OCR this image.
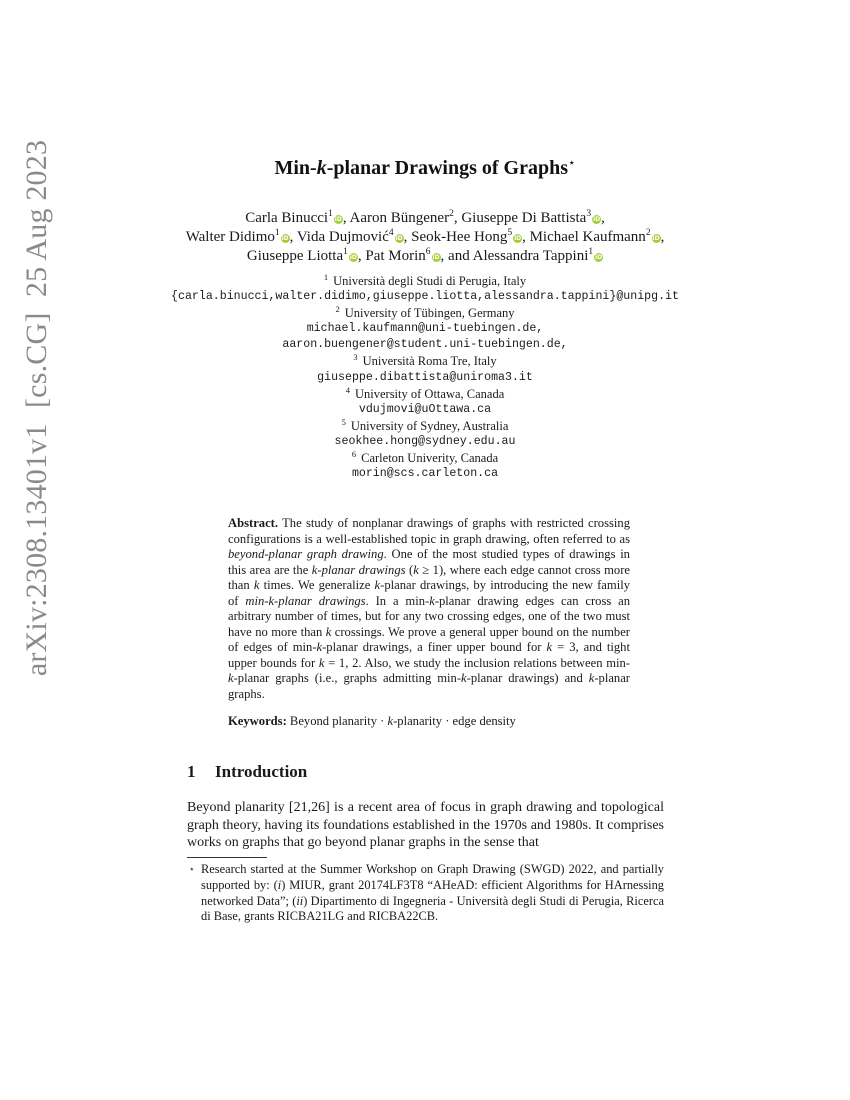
arXiv:2308.13401v1  [cs.CG]  25 Aug 2023	Min-k-planar Drawings of Graphs⋆
Carla Binucci$^1$iD, Aaron Büngener$^2$, Giuseppe Di Battista$^3$iD,
Walter Didimo$^1$iD, Vida Dujmović$^4$iD, Seok-Hee Hong$^5$iD, Michael Kaufmann$^2$iD,
Giuseppe Liotta$^1$iD, Pat Morin$^6$iD, and Alessandra Tappini$^1$iD
$^1$ Università degli Studi di Perugia, Italy
{carla.binucci,walter.didimo,giuseppe.liotta,alessandra.tappini}@unipg.it
$^2$ University of Tübingen, Germany
michael.kaufmann@uni-tuebingen.de,
aaron.buengener@student.uni-tuebingen.de,
$^3$ Università Roma Tre, Italy
giuseppe.dibattista@uniroma3.it
$^4$ University of Ottawa, Canada
vdujmovi@uOttawa.ca
$^5$ University of Sydney, Australia
seokhee.hong@sydney.edu.au
$^6$ Carleton Univerity, Canada
morin@scs.carleton.ca

Abstract. The study of nonplanar drawings of graphs with restricted crossing configurations is a well-established topic in graph drawing, often referred to as beyond-planar graph drawing. One of the most studied types of drawings in this area are the k-planar drawings (k ≥ 1), where each edge cannot cross more than k times. We generalize k-planar drawings, by introducing the new family of min-k-planar drawings. In a min-k-planar drawing edges can cross an arbitrary number of times, but for any two crossing edges, one of the two must have no more than k crossings. We prove a general upper bound on the number of edges of min-k-planar drawings, a finer upper bound for k = 3, and tight upper bounds for k = 1, 2. Also, we study the inclusion relations between min-k-planar graphs (i.e., graphs admitting min-k-planar drawings) and k-planar graphs.

Keywords: Beyond planarity · k-planarity · edge density

1 Introduction

Beyond planarity [21,26] is a recent area of focus in graph drawing and topological graph theory, having its foundations established in the 1970s and 1980s. It comprises works on graphs that go beyond planar graphs in the sense that

⋆ Research started at the Summer Workshop on Graph Drawing (SWGD) 2022, and partially supported by: (i) MIUR, grant 20174LF3T8 “AHeAD: efficient Algorithms for HArnessing networked Data”; (ii) Dipartimento di Ingegneria - Università degli Studi di Perugia, Ricerca di Base, grants RICBA21LG and RICBA22CB.
